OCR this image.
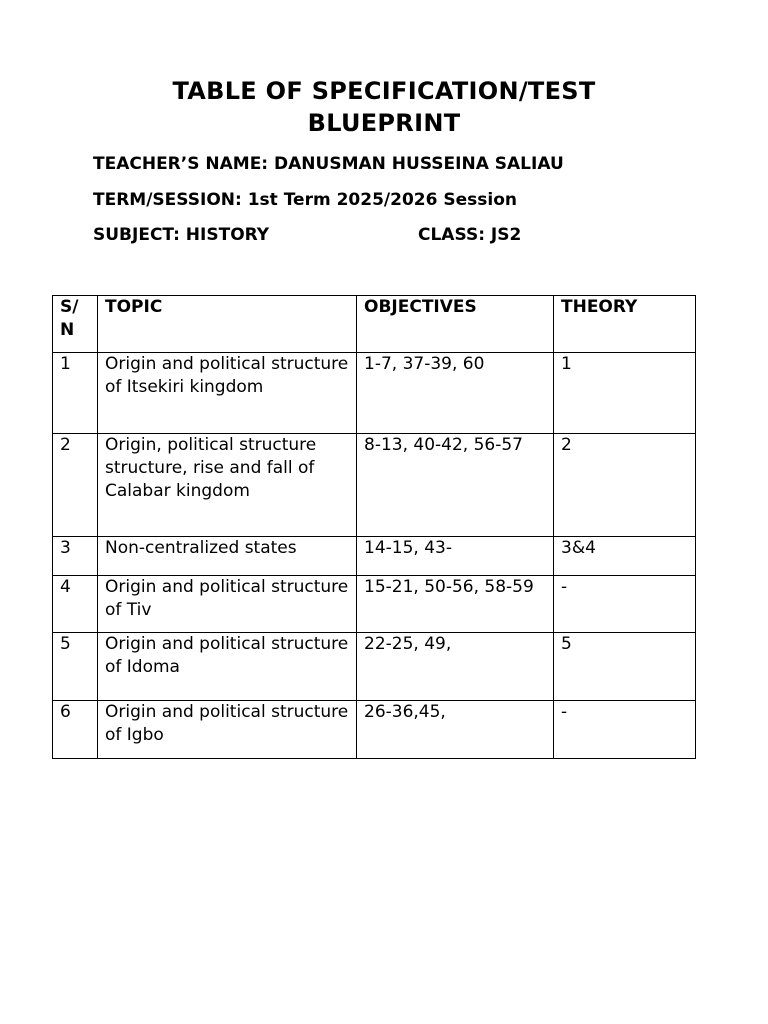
TABLE OF SPECIFICATION/TEST
BLUEPRINT
TEACHER’S NAME: DANUSMAN HUSSEINA SALIAU
TERM/SESSION: 1st Term 2025/2026 Session
SUBJECT: HISTORY	CLASS: JS2
S/
N	TOPIC	OBJECTIVES	THEORY
1	Origin and political structure of Itsekiri kingdom	1-7, 37-39, 60	1
2	Origin, political structure structure, rise and fall of Calabar kingdom	8-13, 40-42, 56-57	2
3	Non-centralized states	14-15, 43-	3&4
4	Origin and political structure of Tiv	15-21, 50-56, 58-59	-
5	Origin and political structure of Idoma	22-25, 49,	5
6	Origin and political structure of Igbo	26-36,45,	-
